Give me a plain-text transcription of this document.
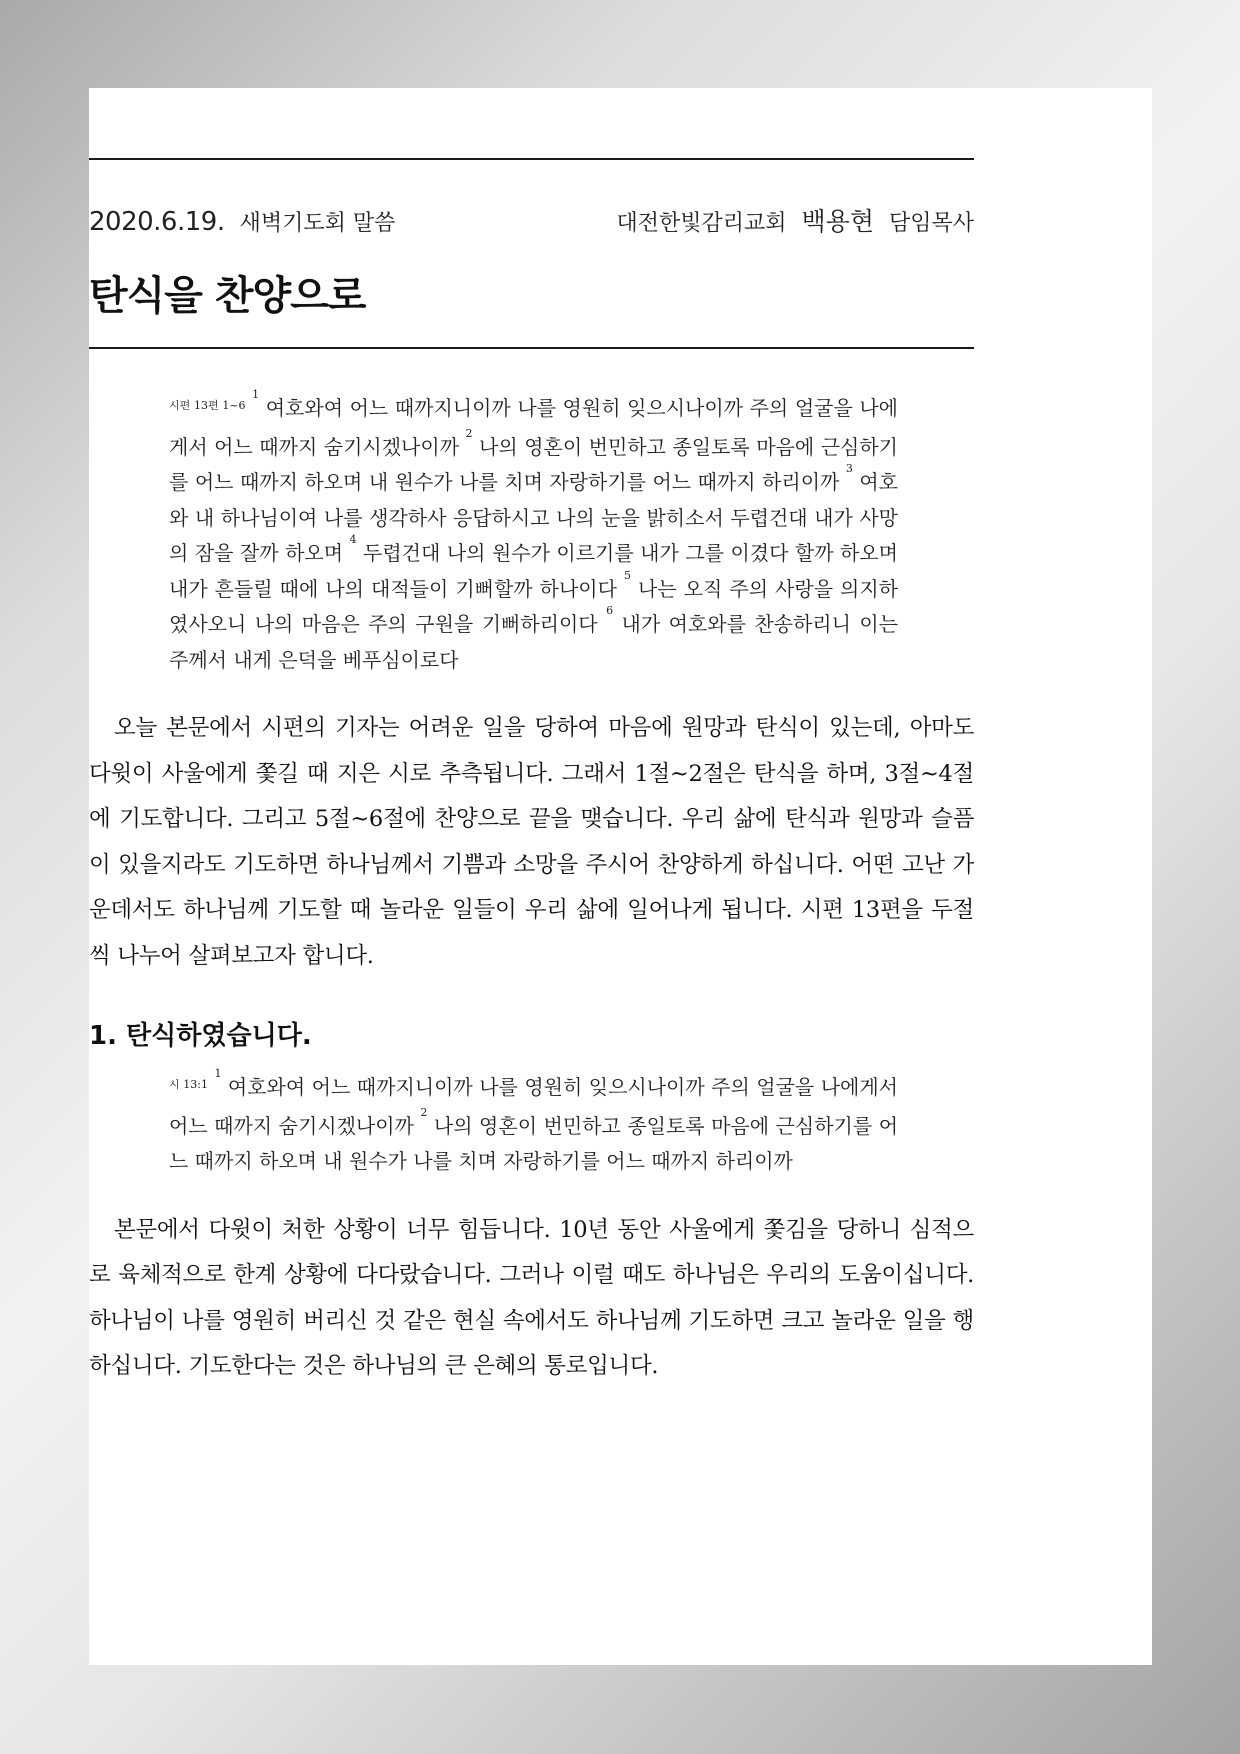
2020.6.19. 새벽기도회 말씀	대전한빛감리교회 백용현 담임목사
탄식을 찬양으로
$^{시편 13편 1\sim 6}$ $^1$ 여호와여 어느 때까지니이까 나를 영원히 잊으시나이까 주의 얼굴을 나에게서 어느 때까지 숨기시겠나이까 $^2$ 나의 영혼이 번민하고 종일토록 마음에 근심하기를 어느 때까지 하오며 내 원수가 나를 치며 자랑하기를 어느 때까지 하리이까 $^3$ 여호와 내 하나님이여 나를 생각하사 응답하시고 나의 눈을 밝히소서 두렵건대 내가 사망의 잠을 잘까 하오며 $^4$ 두렵건대 나의 원수가 이르기를 내가 그를 이겼다 할까 하오며 내가 흔들릴 때에 나의 대적들이 기뻐할까 하나이다 $^5$ 나는 오직 주의 사랑을 의지하였사오니 나의 마음은 주의 구원을 기뻐하리이다 $^6$ 내가 여호와를 찬송하리니 이는 주께서 내게 은덕을 베푸심이로다

오늘 본문에서 시편의 기자는 어려운 일을 당하여 마음에 원망과 탄식이 있는데, 아마도 다윗이 사울에게 쫓길 때 지은 시로 추측됩니다. 그래서 1절~2절은 탄식을 하며, 3절~4절에 기도합니다. 그리고 5절~6절에 찬양으로 끝을 맺습니다. 우리 삶에 탄식과 원망과 슬픔이 있을지라도 기도하면 하나님께서 기쁨과 소망을 주시어 찬양하게 하십니다. 어떤 고난 가운데서도 하나님께 기도할 때 놀라운 일들이 우리 삶에 일어나게 됩니다. 시편 13편을 두절씩 나누어 살펴보고자 합니다.

1. 탄식하였습니다.
$^{시 13:1}$ $^1$ 여호와여 어느 때까지니이까 나를 영원히 잊으시나이까 주의 얼굴을 나에게서 어느 때까지 숨기시겠나이까 $^2$ 나의 영혼이 번민하고 종일토록 마음에 근심하기를 어느 때까지 하오며 내 원수가 나를 치며 자랑하기를 어느 때까지 하리이까

본문에서 다윗이 처한 상황이 너무 힘듭니다. 10년 동안 사울에게 쫓김을 당하니 심적으로 육체적으로 한계 상황에 다다랐습니다. 그러나 이럴 때도 하나님은 우리의 도움이십니다. 하나님이 나를 영원히 버리신 것 같은 현실 속에서도 하나님께 기도하면 크고 놀라운 일을 행하십니다. 기도한다는 것은 하나님의 큰 은혜의 통로입니다.
